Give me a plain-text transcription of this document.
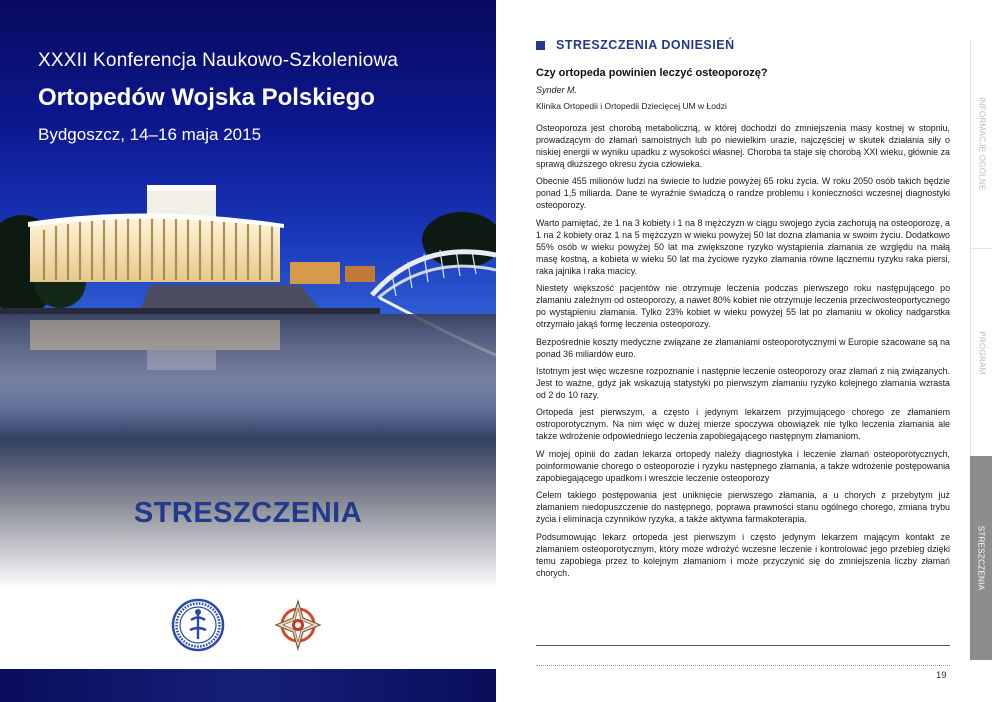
XXXII Konferencja Naukowo-Szkoleniowa
Ortopedów Wojska Polskiego
Bydgoszcz, 14–16 maja 2015
STRESZCZENIA
STRESZCZENIA DONIESIEŃ
Czy ortopeda powinien leczyć osteoporozę?
Synder M.
Klinika Ortopedii i Ortopedii Dziecięcej UM w Łodzi

Osteoporoza jest chorobą metaboliczną, w której dochodzi do zmniejszenia masy kostnej w stopniu, prowadzącym do złamań samoistnych lub po niewielkim urazie, najczęściej w skutek działania siły o niskiej energii w wyniku upadku z wysokości własnej. Choroba ta staje się chorobą XXI wieku, głównie za sprawą dłuższego okresu życia człowieka.

Obecnie 455 milionów ludzi na świecie to ludzie powyżej 65 roku życia. W roku 2050 osób takich będzie ponad 1,5 miliarda. Dane te wyraźnie świadczą o randze problemu i konieczności wczesnej diagnostyki osteoporozy.

Warto pamiętać, że 1 na 3 kobiety i 1 na 8 mężczyzn w ciągu swojego życia zachorują na osteoporozę, a 1 na 2 kobiety oraz 1 na 5 mężczyzn w wieku powyżej 50 lat dozna złamania w swoim życiu. Dodatkowo 55% osób w wieku powyżej 50 lat ma zwiększone ryzyko wystąpienia złamania ze względu na małą masę kostną, a kobieta w wieku 50 lat ma życiowe ryzyko złamania równe łącznemu ryzyku raka piersi, raka jajnika i raka macicy.

Niestety większość pacjentów nie otrzymuje leczenia podczas pierwszego roku następującego po złamaniu zależnym od osteoporozy, a nawet 80% kobiet nie otrzymuje leczenia przeciwosteoportycznego po wystąpieniu złamania. Tylko 23% kobiet w wieku powyżej 55 lat po złamaniu w okolicy nadgarstka otrzymało jakąś formę leczenia osteoporozy.

Bezpośrednie koszty medyczne związane ze złamaniami osteoporotycznymi w Europie szacowane są na ponad 36 miliardów euro.

Istotnym jest więc wczesne rozpoznanie i następnie leczenie osteoporozy oraz złamań z nią związanych. Jest to ważne, gdyż jak wskazują statystyki po pierwszym złamaniu ryzyko kolejnego złamania wzrasta od 2 do 10 razy.

Ortopeda jest pierwszym, a często i jedynym lekarzem przyjmującego chorego ze złamaniem ostroporotycznym. Na nim więc w dużej mierze spoczywa obowiązek nie tylko leczenia złamania ale także wdrożenie odpowiedniego leczenia zapobiegającego następnym złamaniom.

W mojej opinii do zadan lekarza ortopedy należy diagnostyka i leczenie złamań osteoporotycznych, poinformowanie chorego o osteoporozie i ryzyku następnego złamania, a także wdrożenie postępowania zapobiegającego upadkom i wreszcie leczenie osteoporozy

Celem takiego postępowania jest uniknięcie pierwszego złamania, a u chorych z przebytym już złamaniem niedopuszczenie do następnego, poprawa prawności stanu ogólnego chorego, zmiana trybu życia i eliminacja czynników ryzyka, a także aktywna farmakoterapia.

Podsumowując lekarz ortopeda jest pierwszym i często jedynym lekarzem mającym kontakt ze złamaniem osteoporotycznym, który może wdrożyć wczesne leczenie i kontrolować jego przebieg dzięki temu zapobiega przez to kolejnym złamaniom i może przyczynić się do zmniejszenia liczby złamań chorych.

19
INFORMACJE OGÓLNE
PROGRAM
STRESZCZENIA
